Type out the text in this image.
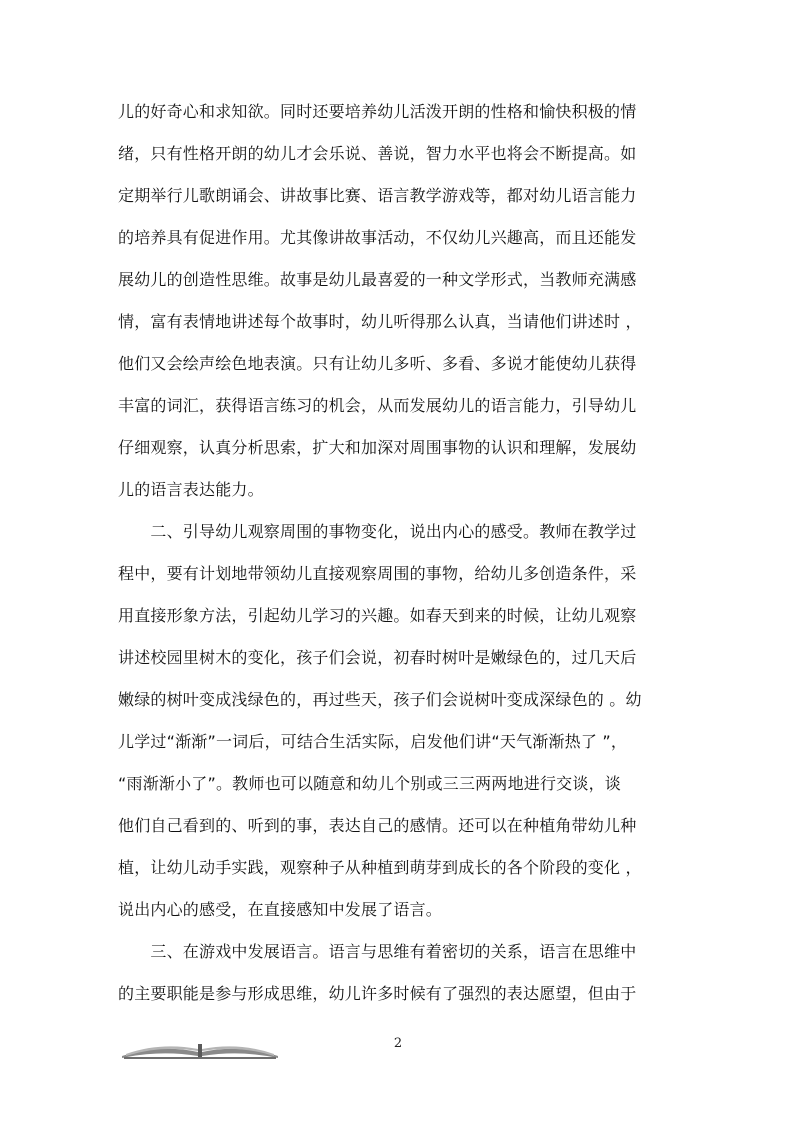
儿的好奇心和求知欲。同时还要培养幼儿活泼开朗的性格和愉快积极的情
绪，只有性格开朗的幼儿才会乐说、善说，智力水平也将会不断提高。如
定期举行儿歌朗诵会、讲故事比赛、语言教学游戏等，都对幼儿语言能力
的培养具有促进作用。尤其像讲故事活动，不仅幼儿兴趣高，而且还能发
展幼儿的创造性思维。故事是幼儿最喜爱的一种文学形式，当教师充满感
情，富有表情地讲述每个故事时，幼儿听得那么认真，当请他们讲述时 ，
他们又会绘声绘色地表演。只有让幼儿多听、多看、多说才能使幼儿获得
丰富的词汇，获得语言练习的机会，从而发展幼儿的语言能力，引导幼儿
仔细观察，认真分析思索，扩大和加深对周围事物的认识和理解，发展幼
儿的语言表达能力。
　　二、引导幼儿观察周围的事物变化，说出内心的感受。教师在教学过
程中，要有计划地带领幼儿直接观察周围的事物，给幼儿多创造条件，采
用直接形象方法，引起幼儿学习的兴趣。如春天到来的时候，让幼儿观察
讲述校园里树木的变化，孩子们会说，初春时树叶是嫩绿色的，过几天后
嫩绿的树叶变成浅绿色的，再过些天，孩子们会说树叶变成深绿色的 。幼
儿学过“渐渐”一词后，可结合生活实际，启发他们讲“天气渐渐热了 ”，
“雨渐渐小了”。教师也可以随意和幼儿个别或三三两两地进行交谈，谈
他们自己看到的、听到的事，表达自己的感情。还可以在种植角带幼儿种
植，让幼儿动手实践，观察种子从种植到萌芽到成长的各个阶段的变化 ，
说出内心的感受，在直接感知中发展了语言。
　　三、在游戏中发展语言。语言与思维有着密切的关系，语言在思维中
的主要职能是参与形成思维，幼儿许多时候有了强烈的表达愿望，但由于
2
